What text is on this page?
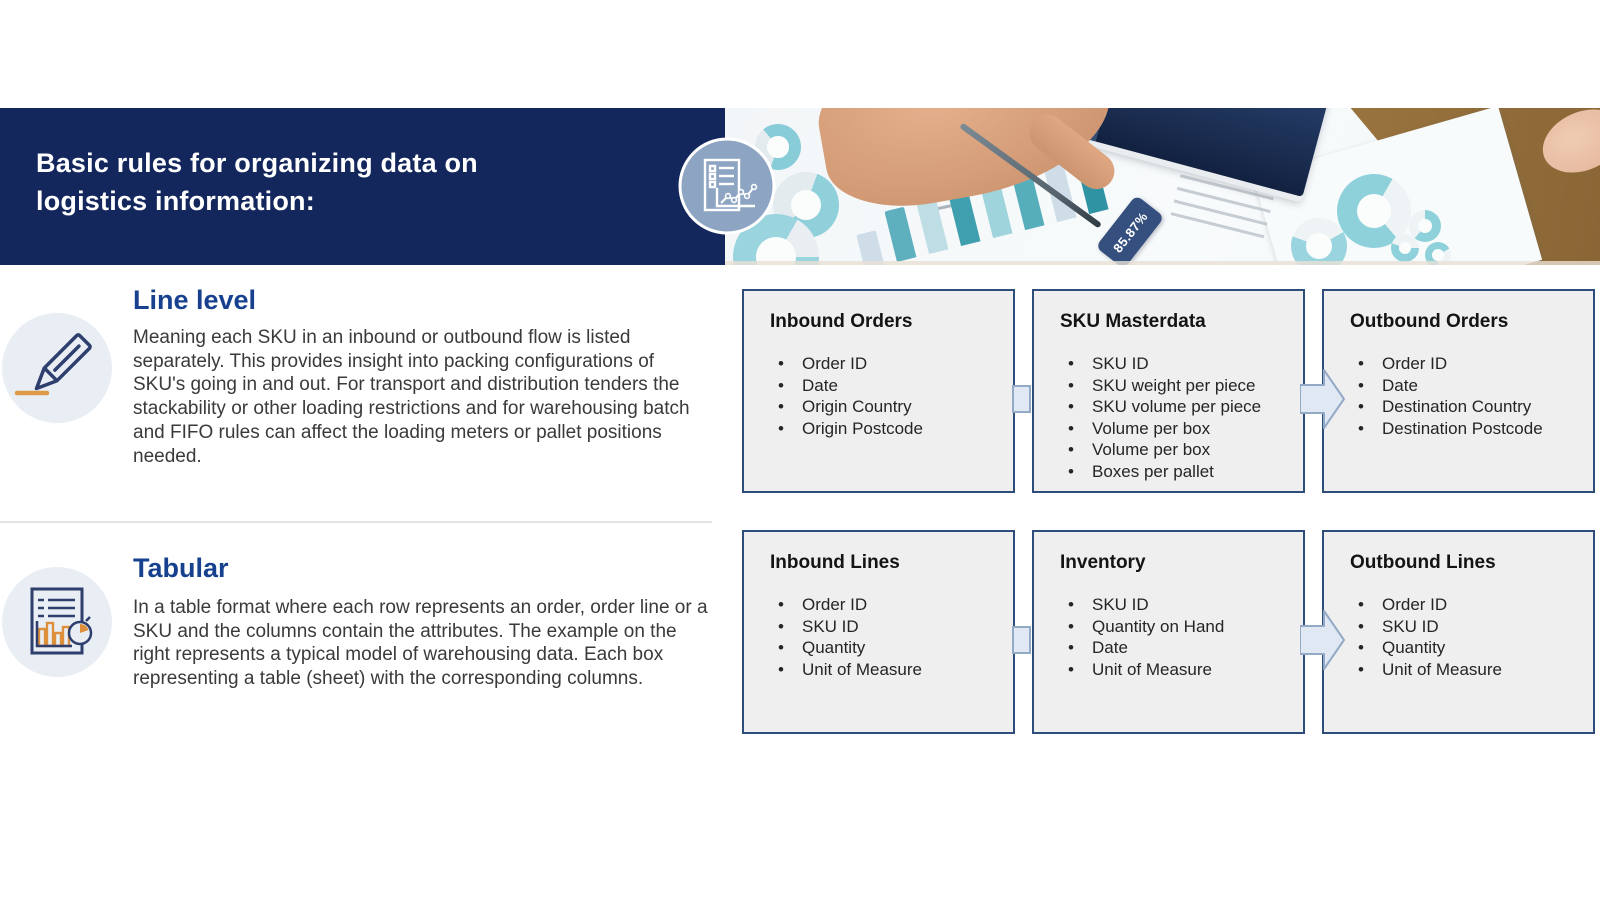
Basic rules for organizing data on
logistics information:
85.87%
Line level
Meaning each SKU in an inbound or outbound flow is listed separately. This provides insight into packing configurations of SKU's going in and out. For transport and distribution tenders the stackability or other loading restrictions and for warehousing batch and FIFO rules can affect the loading meters or pallet positions needed.
Tabular
In a table format where each row represents an order, order line or a SKU and the columns contain the attributes. The example on the right represents a typical model of warehousing data. Each box representing a table (sheet) with the corresponding columns.
Inbound Orders
• Order ID
• Date
• Origin Country
• Origin Postcode
SKU Masterdata
• SKU ID
• SKU weight per piece
• SKU volume per piece
• Volume per box
• Volume per box
• Boxes per pallet
Outbound Orders
• Order ID
• Date
• Destination Country
• Destination Postcode
Inbound Lines
• Order ID
• SKU ID
• Quantity
• Unit of Measure
Inventory
• SKU ID
• Quantity on Hand
• Date
• Unit of Measure
Outbound Lines
• Order ID
• SKU ID
• Quantity
• Unit of Measure
